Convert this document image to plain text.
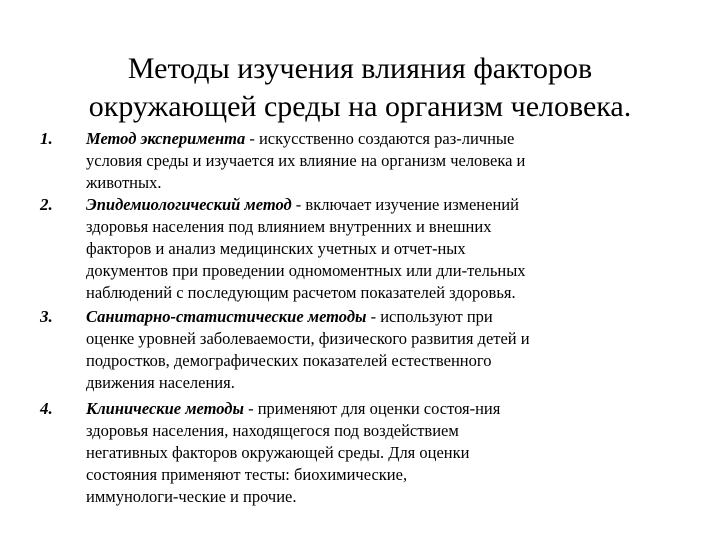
Методы изучения влияния факторов
окружающей среды на организм человека.
1. Метод эксперимента - искусственно создаются раз-личные
условия среды и изучается их влияние на организм человека и
животных.
2. Эпидемиологический метод - включает изучение изменений
здоровья населения под влиянием внутренних и внешних
факторов и анализ медицинских учетных и отчет-ных
документов при проведении одномоментных или дли-тельных
наблюдений с последующим расчетом показателей здоровья.
3. Санитарно-статистические методы - используют при
оценке уровней заболеваемости, физического развития детей и
подростков, демографических показателей естественного
движения населения.
4. Клинические методы - применяют для оценки состоя-ния
здоровья населения, находящегося под воздействием
негативных факторов окружающей среды. Для оценки
состояния применяют тесты: биохимические,
иммунологи-ческие и прочие.
